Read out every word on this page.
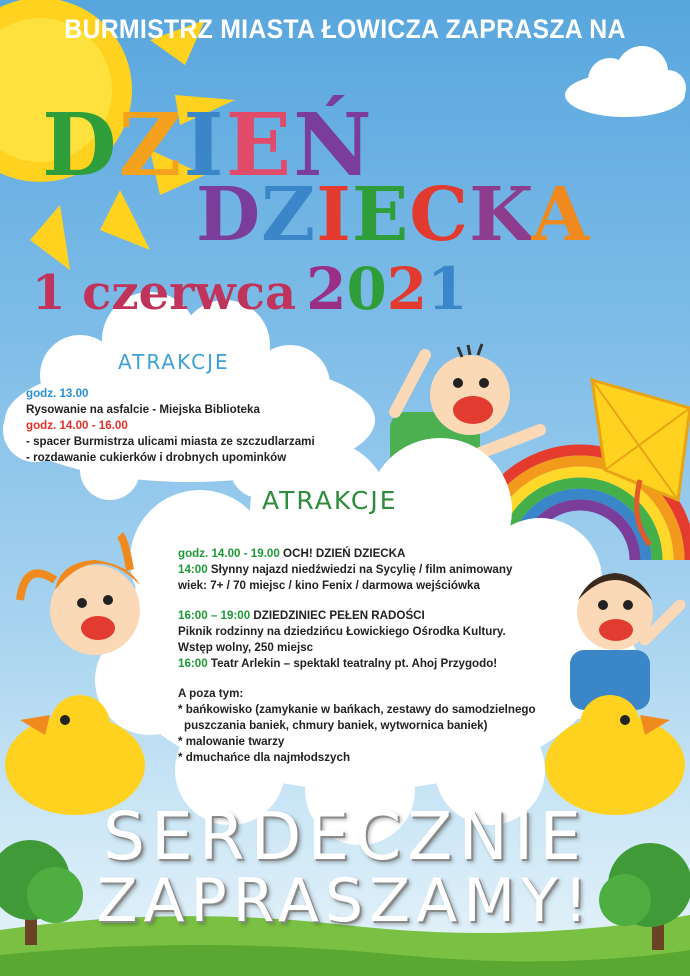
BURMISTRZ MIASTA ŁOWICZA ZAPRASZA NA
DZIEŃ
DZIECKA
1 czerwca 2021
ATRAKCJE
godz. 13.00
Rysowanie na asfalcie - Miejska Biblioteka
godz. 14.00 - 16.00
- spacer Burmistrza ulicami miasta ze szczudlarzami
- rozdawanie cukierków i drobnych upominków
ATRAKCJE
godz. 14.00 - 19.00 OCH! DZIEŃ DZIECKA
14:00 Słynny najazd niedźwiedzi na Sycylię / film animowany
wiek: 7+ / 70 miejsc / kino Fenix / darmowa wejściówka
16:00 – 19:00 DZIEDZINIEC PEŁEN RADOŚCI
Piknik rodzinny na dziedzińcu Łowickiego Ośrodka Kultury.
Wstęp wolny, 250 miejsc
16:00 Teatr Arlekin – spektakl teatralny pt. Ahoj Przygodo!
A poza tym:
* bańkowisko (zamykanie w bańkach, zestawy do samodzielnego
puszczania baniek, chmury baniek, wytwornica baniek)
* malowanie twarzy
* dmuchańce dla najmłodszych
SERDECZNIE
ZAPRASZAMY!
